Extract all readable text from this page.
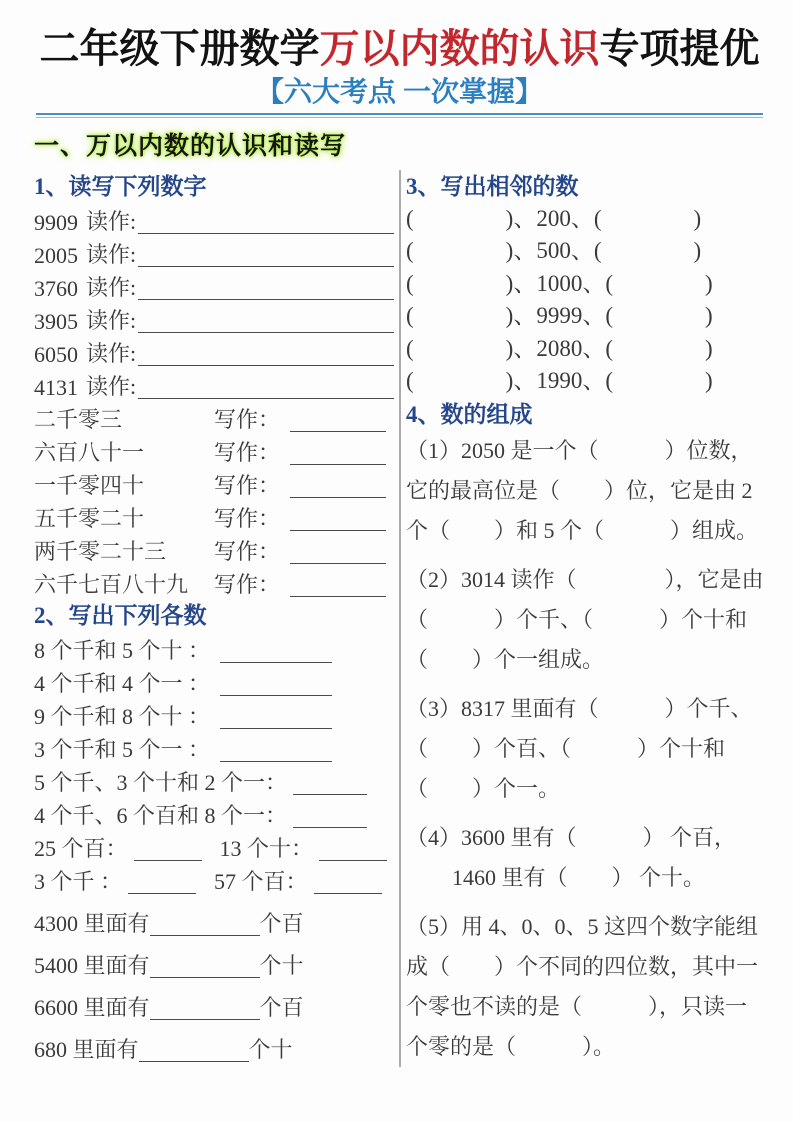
二年级下册数学万以内数的认识专项提优
【六大考点 一次掌握】
一、万以内数的认识和读写
1、读写下列数字
9909 读作:
2005 读作:
3760 读作:
3905 读作:
6050 读作:
4131 读作:
二千零三	写作：
六百八十一	写作：
一千零四十	写作：
五千零二十	写作：
两千零二十三	写作：
六千七百八十九	写作：
2、写出下列各数
8 个千和 5 个十 ：
4 个千和 4 个一 ：
9 个千和 8 个十 ：
3 个千和 5 个一 ：
5 个千、3 个十和 2 个一：
4 个千、6 个百和 8 个一：
25 个百：	13 个十：
3 个千 ：	57 个百：
4300 里面有	个百
5400 里面有	个十
6600 里面有	个百
680 里面有	个十
3、写出相邻的数
(　　　　)、200、(　　　　)
(　　　　)、500、(　　　　)
(　　　　)、1000、(　　　　)
(　　　　)、9999、(　　　　)
(　　　　)、2080、(　　　　)
(　　　　)、1990、(　　　　)
4、数的组成
（1）2050 是一个（　　　）位数，它的最高位是（　　）位，它是由 2 个（　　）和 5 个（　　　）组成。
（2）3014 读作（　　　　），它是由（　　　）个千、（　　　）个十和（　　）个一组成。
（3）8317 里面有（　　　）个千、（　　）个百、（　　　）个十和（　　）个一。
（4）3600 里有（　　　） 个百，
1460 里有（　　） 个十。
（5）用 4、0、0、5 这四个数字能组成（　　）个不同的四位数，其中一个零也不读的是（　　　），只读一个零的是（　　　）。
